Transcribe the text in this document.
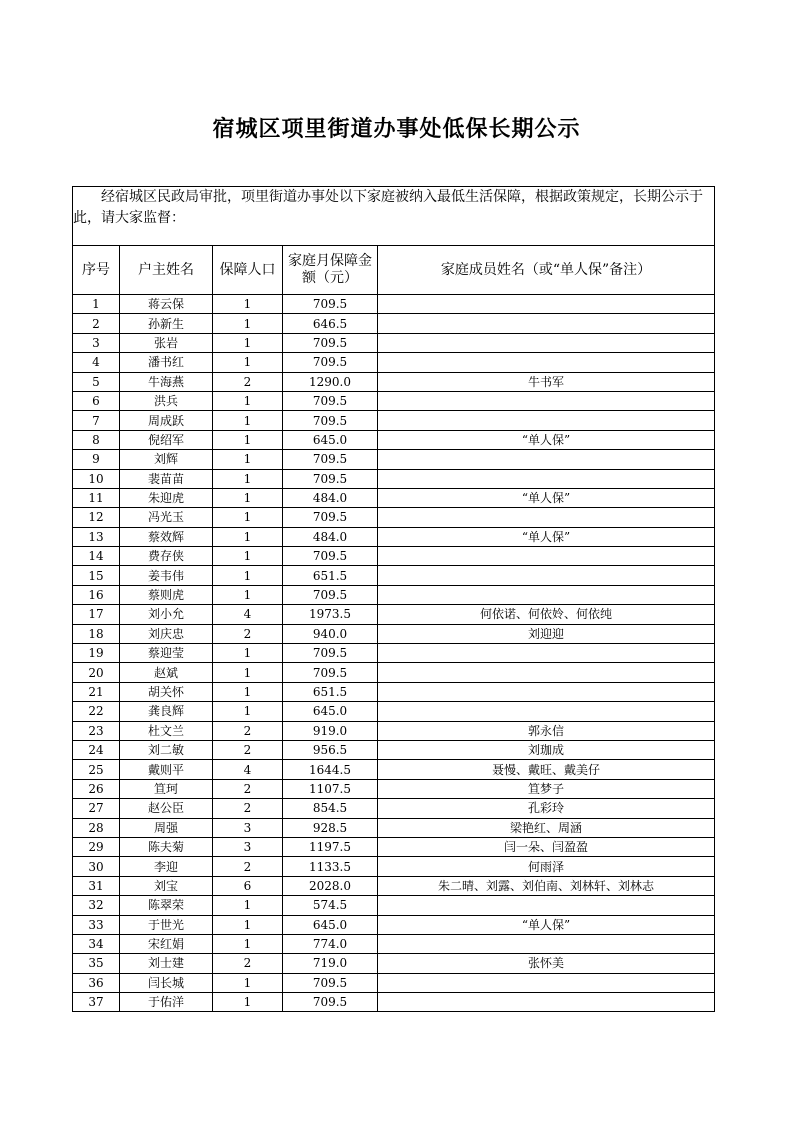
宿城区项里街道办事处低保长期公示
经宿城区民政局审批，项里街道办事处以下家庭被纳入最低生活保障，根据政策规定，长期公示于此，请大家监督：				
序号	户主姓名	保障人口	家庭月保障金额（元）	家庭成员姓名（或“单人保”备注）
1	蒋云保	1	709.5	
2	孙新生	1	646.5	
3	张岩	1	709.5	
4	潘书红	1	709.5	
5	牛海燕	2	1290.0	牛书军
6	洪兵	1	709.5	
7	周成跃	1	709.5	
8	倪绍军	1	645.0	“单人保”
9	刘辉	1	709.5	
10	裴苗苗	1	709.5	
11	朱迎虎	1	484.0	“单人保”
12	冯光玉	1	709.5	
13	蔡效辉	1	484.0	“单人保”
14	费存侠	1	709.5	
15	姜韦伟	1	651.5	
16	蔡则虎	1	709.5	
17	刘小允	4	1973.5	何依诺、何依姈、何依纯
18	刘庆忠	2	940.0	刘迎迎
19	蔡迎莹	1	709.5	
20	赵斌	1	709.5	
21	胡关怀	1	651.5	
22	龚良辉	1	645.0	
23	杜文兰	2	919.0	郭永信
24	刘二敏	2	956.5	刘珈成
25	戴则平	4	1644.5	聂慢、戴旺、戴美仔
26	笪珂	2	1107.5	笪梦子
27	赵公臣	2	854.5	孔彩玲
28	周强	3	928.5	梁艳红、周涵
29	陈夫菊	3	1197.5	闫一朵、闫盈盈
30	李迎	2	1133.5	何雨泽
31	刘宝	6	2028.0	朱二晴、刘露、刘伯南、刘林轩、刘林志
32	陈翠荣	1	574.5	
33	于世光	1	645.0	“单人保”
34	宋红娟	1	774.0	
35	刘士建	2	719.0	张怀美
36	闫长城	1	709.5	
37	于佑洋	1	709.5	
